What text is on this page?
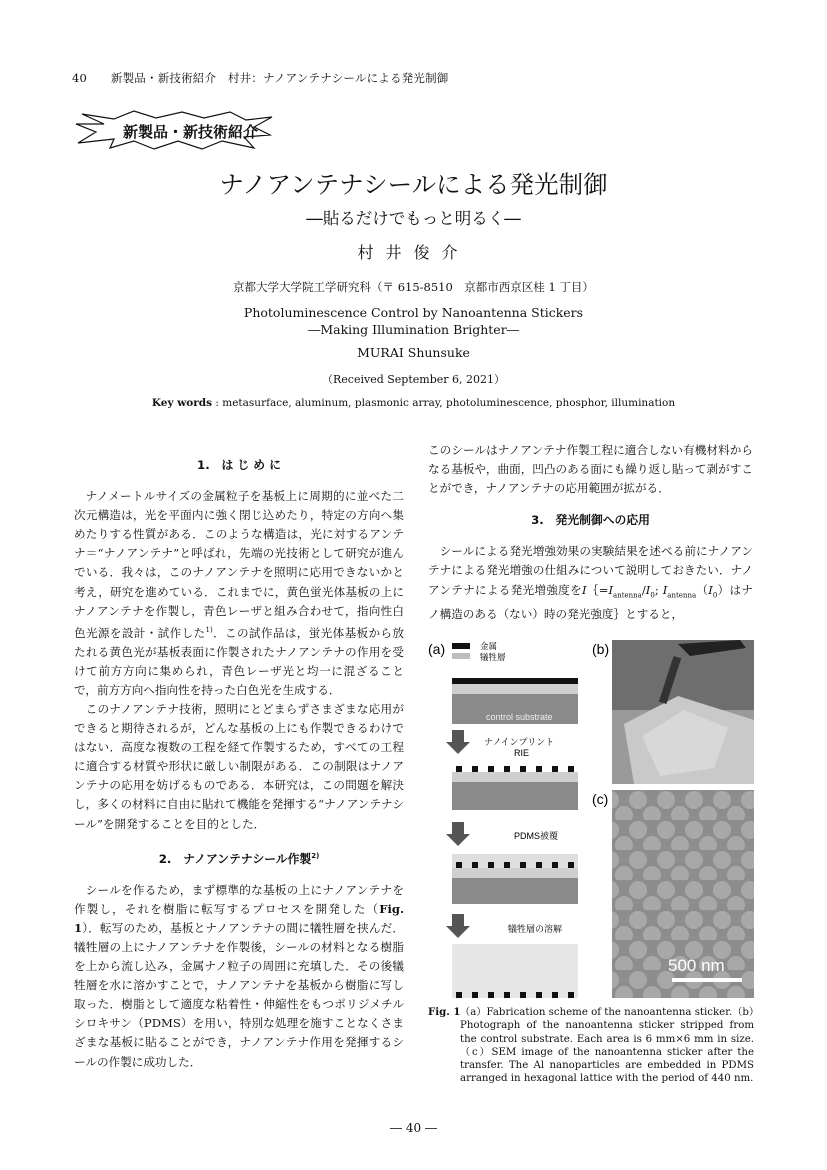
40 新製品・新技術紹介　村井：ナノアンテナシールによる発光制御
新製品・新技術紹介
ナノアンテナシールによる発光制御
―貼るだけでもっと明るく―
村井俊介
京都大学大学院工学研究科（〒 615-8510　京都市西京区桂 1 丁目）
Photoluminescence Control by Nanoantenna Stickers
―Making Illumination Brighter―
MURAI Shunsuke
（Received September 6, 2021）
Key words : metasurface, aluminum, plasmonic array, photoluminescence, phosphor, illumination
1.　は じ め に

ナノメートルサイズの金属粒子を基板上に周期的に並べた二次元構造は，光を平面内に強く閉じ込めたり，特定の方向へ集めたりする性質がある．このような構造は，光に対するアンテナ＝“ナノアンテナ”と呼ばれ，先端の光技術として研究が進んでいる．我々は，このナノアンテナを照明に応用できないかと考え，研究を進めている．これまでに，黄色蛍光体基板の上にナノアンテナを作製し，青色レーザと組み合わせて，指向性白色光源を設計・試作した$^{1)}$．この試作品は，蛍光体基板から放たれる黄色光が基板表面に作製されたナノアンテナの作用を受けて前方方向に集められ，青色レーザ光と均一に混ざることで，前方方向へ指向性を持った白色光を生成する．

このナノアンテナ技術，照明にとどまらずさまざまな応用ができると期待されるが，どんな基板の上にも作製できるわけではない．高度な複数の工程を経て作製するため，すべての工程に適合する材質や形状に厳しい制限がある．この制限はナノアンテナの応用を妨げるものである．本研究は，この問題を解決し，多くの材料に自由に貼れて機能を発揮する“ナノアンテナシール”を開発することを目的とした．

2.　ナノアンテナシール作製$^{2)}$

シールを作るため，まず標準的な基板の上にナノアンテナを作製し，それを樹脂に転写するプロセスを開発した（Fig. 1）．転写のため，基板とナノアンテナの間に犠牲層を挟んだ．犠牲層の上にナノアンテナを作製後，シールの材料となる樹脂を上から流し込み，金属ナノ粒子の周囲に充填した．その後犠牲層を水に溶かすことで，ナノアンテナを基板から樹脂に写し取った．樹脂として適度な粘着性・伸縮性をもつポリジメチルシロキサン（PDMS）を用い，特別な処理を施すことなくさまざまな基板に貼ることができ，ナノアンテナ作用を発揮するシールの作製に成功した．

このシールはナノアンテナ作製工程に適合しない有機材料からなる基板や，曲面，凹凸のある面にも繰り返し貼って剥がすことができ，ナノアンテナの応用範囲が拡がる．

3.　発光制御への応用

シールによる発光増強効果の実験結果を述べる前にナノアンテナによる発光増強の仕組みについて説明しておきたい．ナノアンテナによる発光増強度を$I\{=I_{antenna}/I_0$; $I_{antenna}(I_0)$はナノ構造のある（ない）時の発光強度｝とすると，

(a)	金属
犠牲層
control substrate
ナノインプリント
RIE
PDMS被覆
犠牲層の溶解
(b)
(c)
500 nm
Fig. 1 （a）Fabrication scheme of the nanoantenna sticker.（b）Photograph of the nanoantenna sticker stripped from the control substrate. Each area is 6 mm×6 mm in size.（c）SEM image of the nanoantenna sticker after the transfer. The Al nanoparticles are embedded in PDMS arranged in hexagonal lattice with the period of 440 nm.
― 40 ―
